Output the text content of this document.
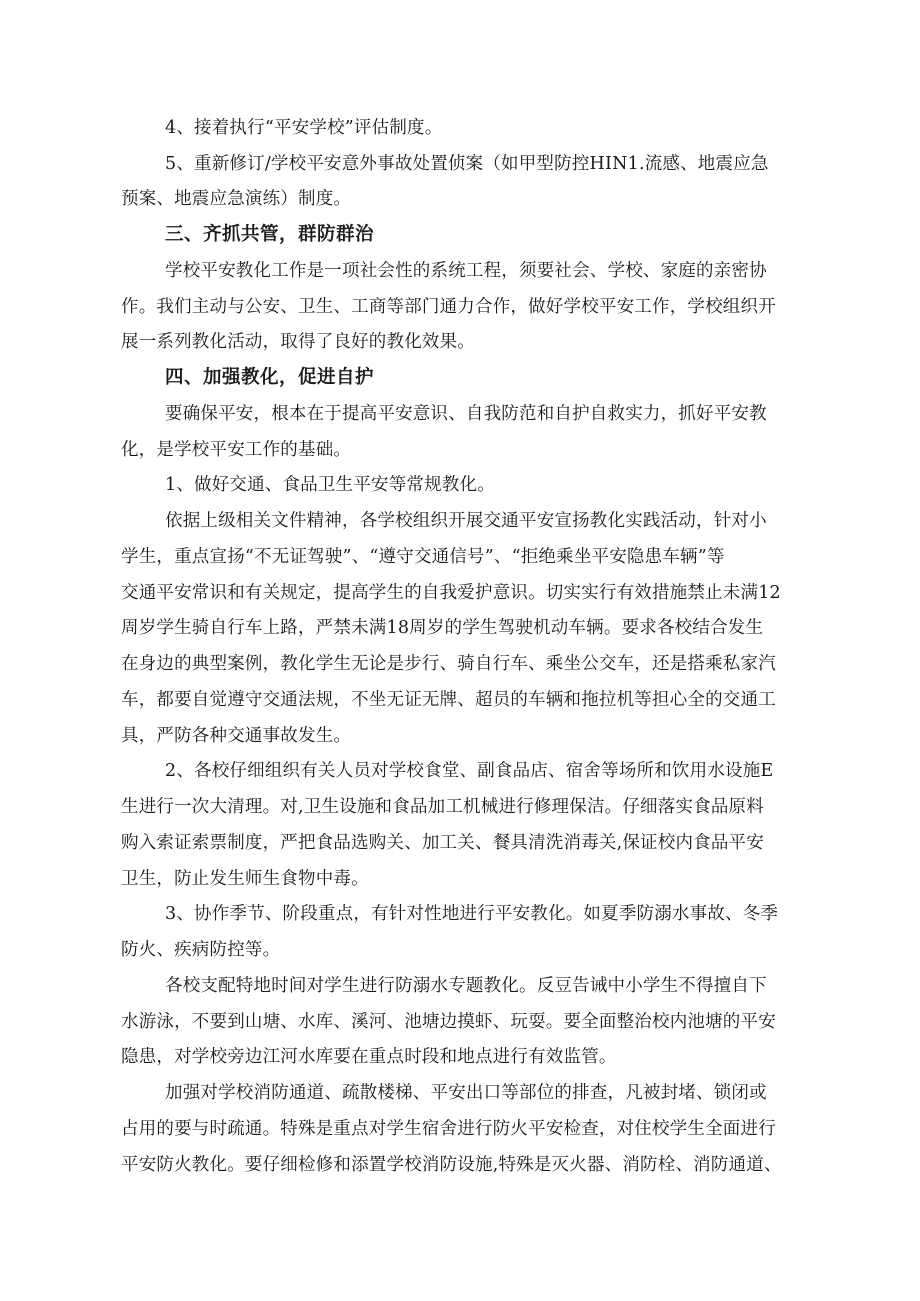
4、接着执行“平安学校”评估制度。
5、重新修订/学校平安意外事故处置侦案（如甲型防控HIN1.流感、地震应急
预案、地震应急演练）制度。
三、齐抓共管，群防群治
学校平安教化工作是一项社会性的系统工程，须要社会、学校、家庭的亲密协
作。我们主动与公安、卫生、工商等部门通力合作，做好学校平安工作，学校组织开
展一系列教化活动，取得了良好的教化效果。
四、加强教化，促进自护
要确保平安，根本在于提高平安意识、自我防范和自护自救实力，抓好平安教
化，是学校平安工作的基础。
1、做好交通、食品卫生平安等常规教化。
依据上级相关文件精神，各学校组织开展交通平安宣扬教化实践活动，针对小
学生，重点宣扬“不无证驾驶”、“遵守交通信号”、“拒绝乘坐平安隐患车辆”等
交通平安常识和有关规定，提高学生的自我爱护意识。切实实行有效措施禁止未满12
周岁学生骑自行车上路，严禁未满18周岁的学生驾驶机动车辆。要求各校结合发生
在身边的典型案例，教化学生无论是步行、骑自行车、乘坐公交车，还是搭乘私家汽
车，都要自觉遵守交通法规，不坐无证无牌、超员的车辆和拖拉机等担心全的交通工
具，严防各种交通事故发生。
2、各校仔细组织有关人员对学校食堂、副食品店、宿舍等场所和饮用水设施E
生进行一次大清理。对,卫生设施和食品加工机械进行修理保洁。仔细落实食品原料
购入索证索票制度，严把食品选购关、加工关、餐具清洗消毒关,保证校内食品平安
卫生，防止发生师生食物中毒。
3、协作季节、阶段重点，有针对性地进行平安教化。如夏季防溺水事故、冬季
防火、疾病防控等。
各校支配特地时间对学生进行防溺水专题教化。反豆告诫中小学生不得擅自下
水游泳，不要到山塘、水库、溪河、池塘边摸虾、玩耍。要全面整治校内池塘的平安
隐患，对学校旁边江河水库要在重点时段和地点进行有效监管。
加强对学校消防通道、疏散楼梯、平安出口等部位的排查，凡被封堵、锁闭或
占用的要与时疏通。特殊是重点对学生宿舍进行防火平安检查，对住校学生全面进行
平安防火教化。要仔细检修和添置学校消防设施,特殊是灭火器、消防栓、消防通道、
